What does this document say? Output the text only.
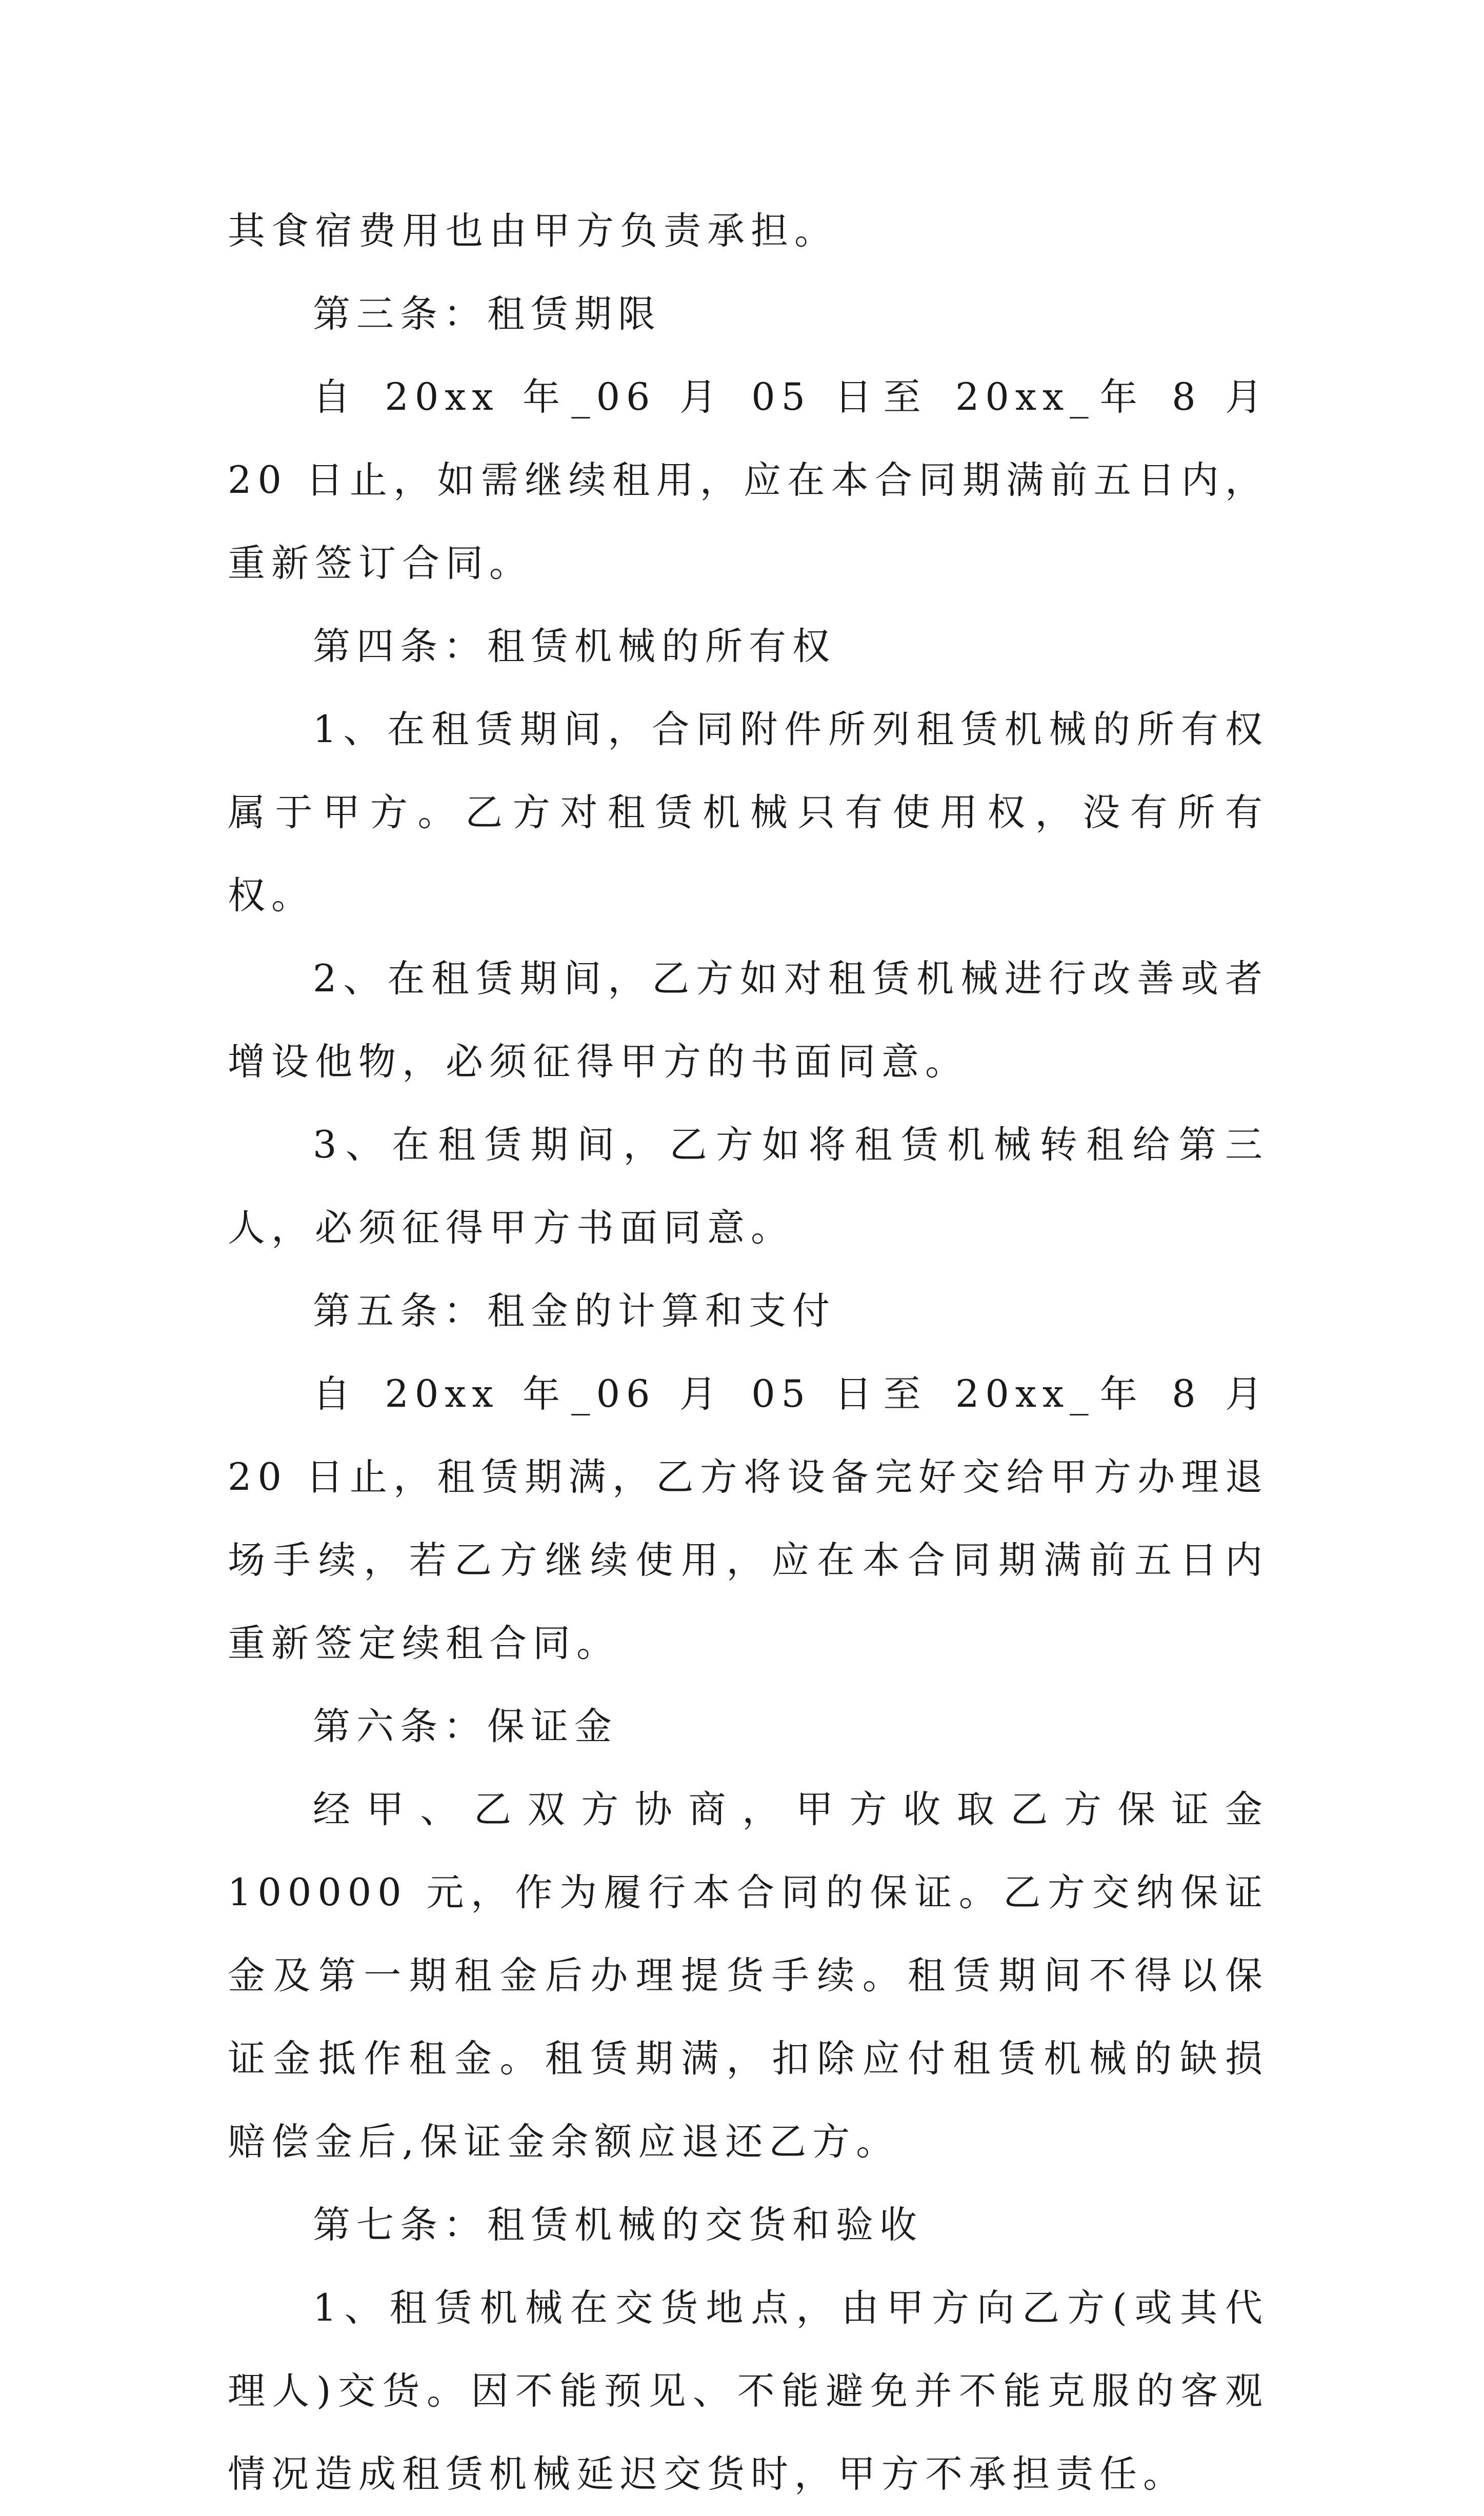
其食宿费用也由甲方负责承担。

第三条：租赁期限

自 20xx 年_06 月 05 日至 20xx_年 8 月 20 日止，如需继续租用，应在本合同期满前五日内，重新签订合同。

第四条：租赁机械的所有权

1、在租赁期间，合同附件所列租赁机械的所有权属于甲方。乙方对租赁机械只有使用权，没有所有权。

2、在租赁期间，乙方如对租赁机械进行改善或者增设他物，必须征得甲方的书面同意。

3、在租赁期间，乙方如将租赁机械转租给第三人，必须征得甲方书面同意。

第五条：租金的计算和支付

自 20xx 年_06 月 05 日至 20xx_年 8 月 20 日止，租赁期满，乙方将设备完好交给甲方办理退场手续，若乙方继续使用，应在本合同期满前五日内重新签定续租合同。

第六条：保证金

经甲、乙双方协商，甲方收取乙方保证金 100000 元，作为履行本合同的保证。乙方交纳保证金及第一期租金后办理提货手续。租赁期间不得以保证金抵作租金。租赁期满，扣除应付租赁机械的缺损赔偿金后,保证金余额应退还乙方。

第七条：租赁机械的交货和验收

1、租赁机械在交货地点，由甲方向乙方(或其代理人)交货。因不能预见、不能避免并不能克服的客观情况造成租赁机械延迟交货时，甲方不承担责任。
